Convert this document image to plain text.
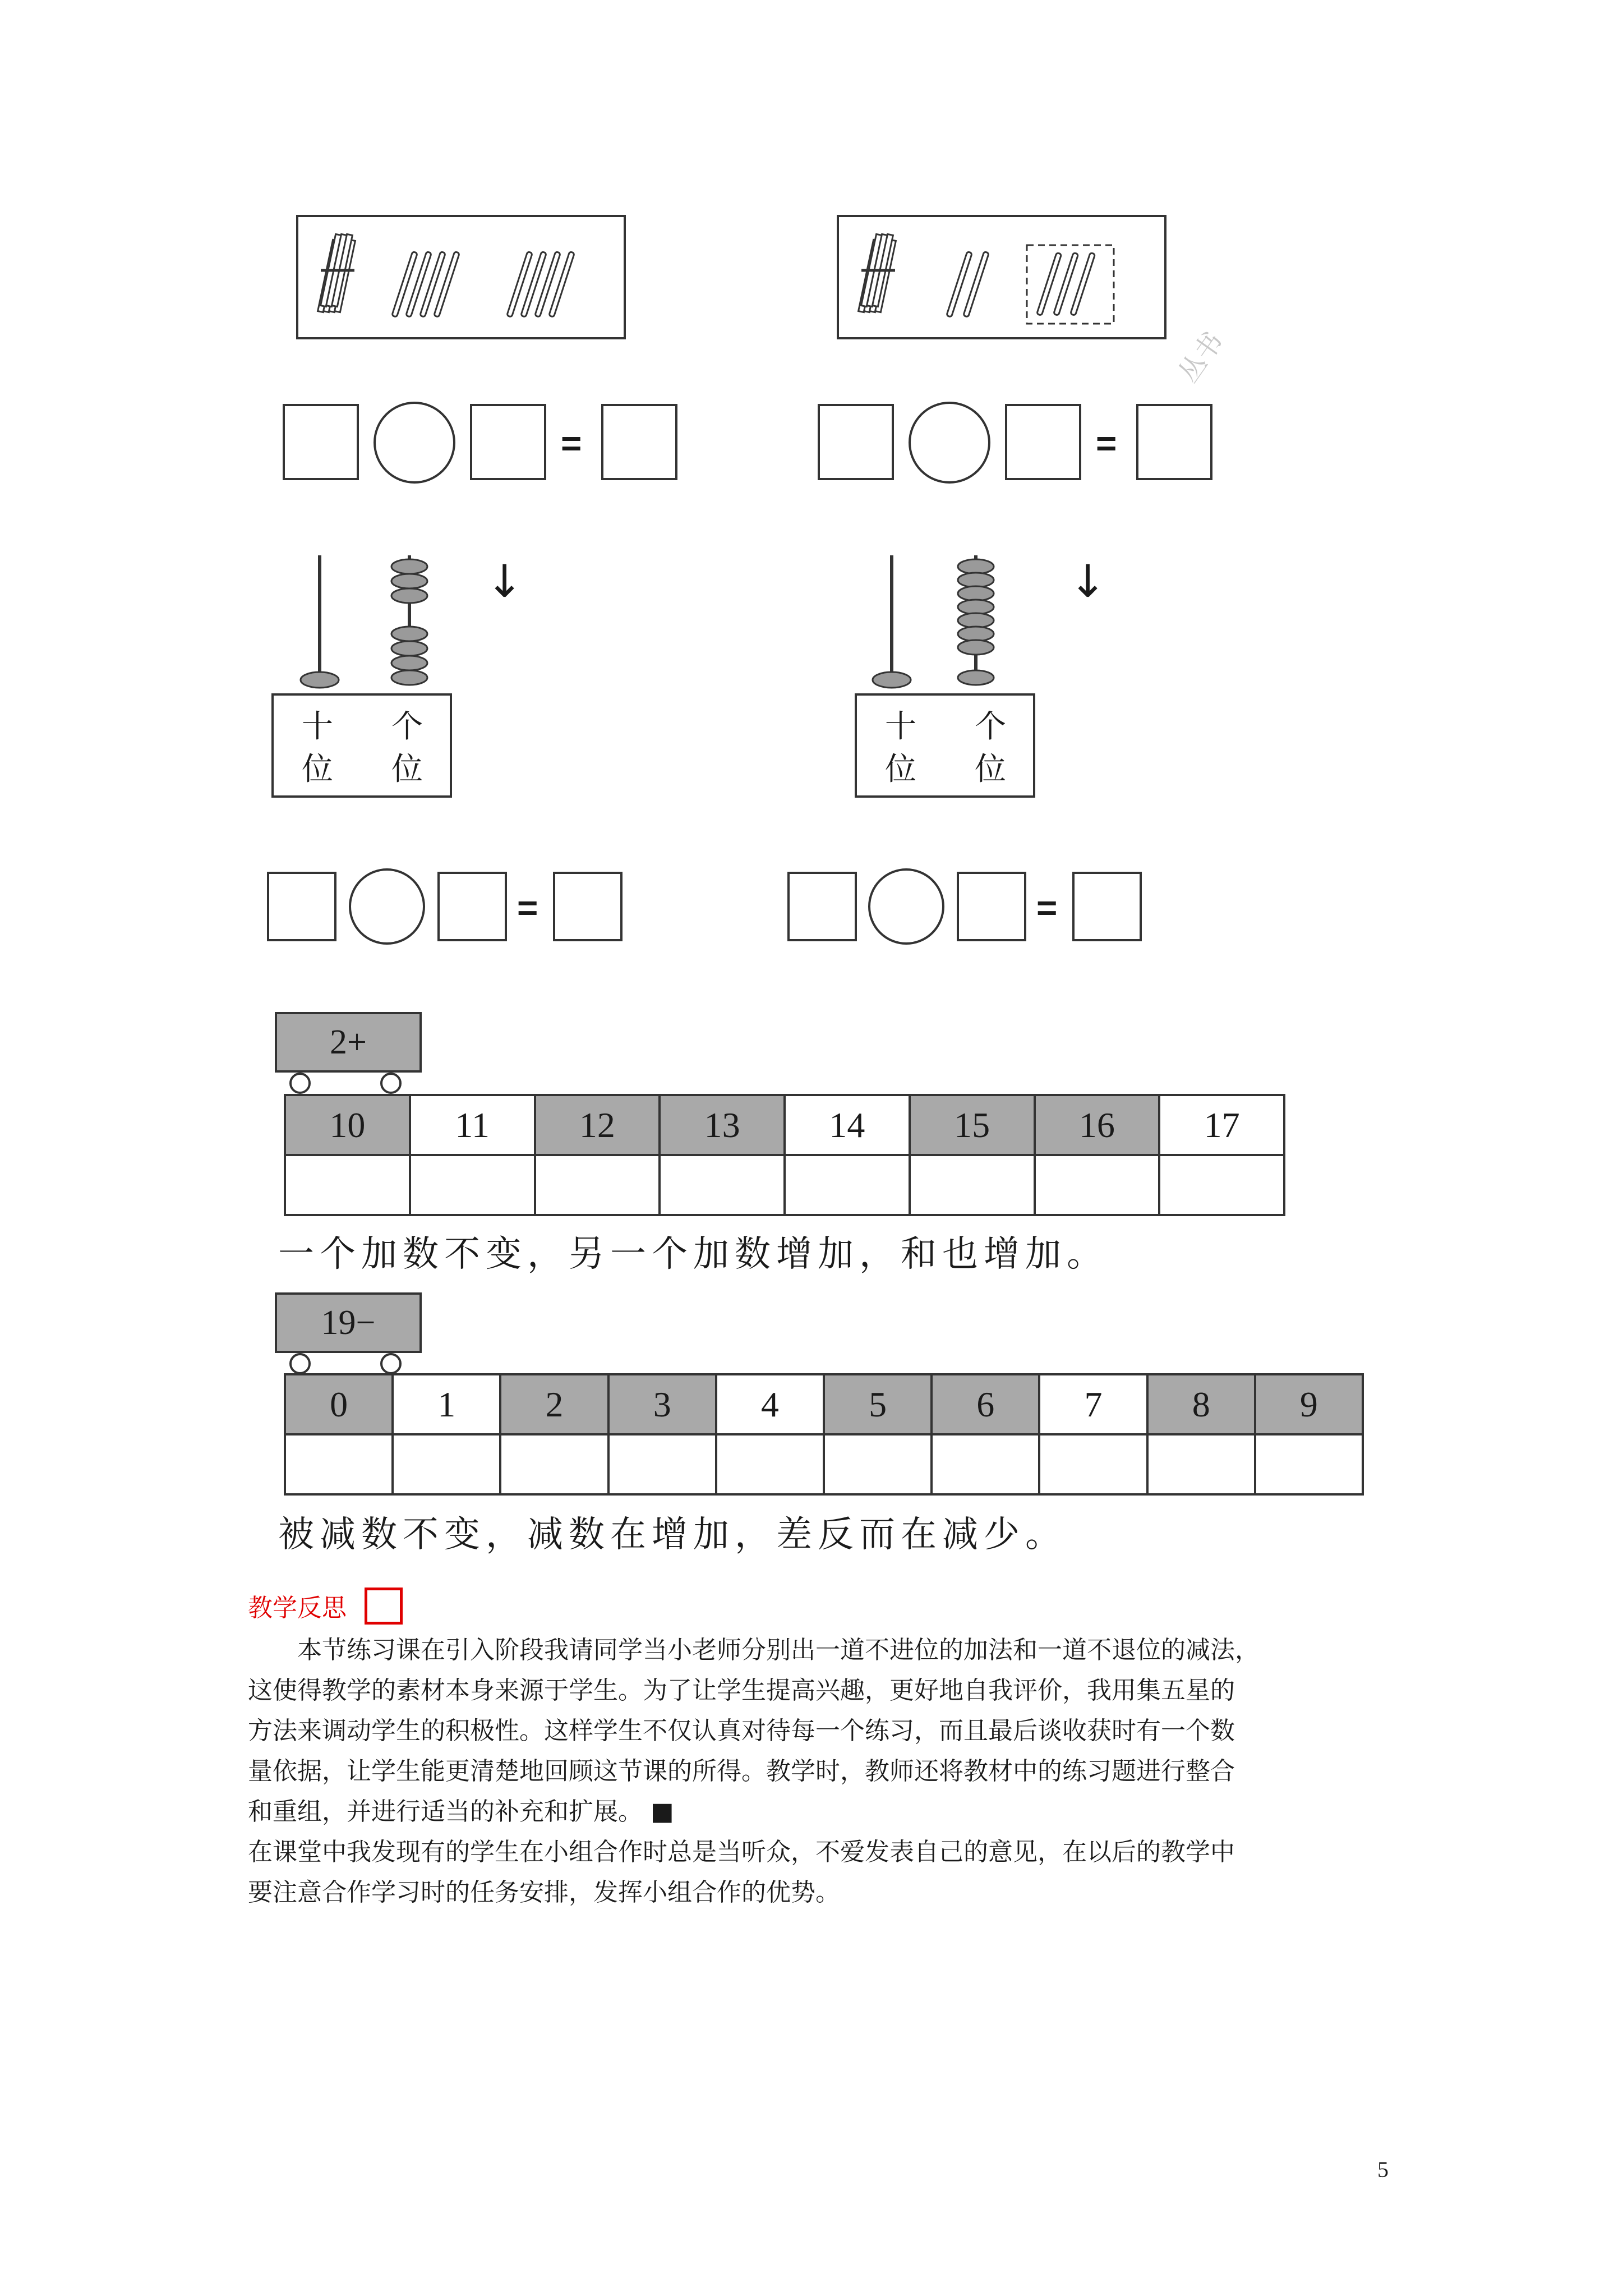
丛书
=	=
↓
十
位
个
位
↓
十
位
个
位
=	=
2+
10	11	12	13	14	15	16	17
一个加数不变，另一个加数增加，和也增加。
19−
0	1	2	3	4	5	6	7	8	9
被减数不变，减数在增加，差反而在减少。
教学反思
本节练习课在引入阶段我请同学当小老师分别出一道不进位的加法和一道不退位的减法，
这使得教学的素材本身来源于学生。为了让学生提高兴趣，更好地自我评价，我用集五星的
方法来调动学生的积极性。这样学生不仅认真对待每一个练习，而且最后谈收获时有一个数
量依据，让学生能更清楚地回顾这节课的所得。教学时，教师还将教材中的练习题进行整合
和重组，并进行适当的补充和扩展。 ■
在课堂中我发现有的学生在小组合作时总是当听众，不爱发表自己的意见，在以后的教学中
要注意合作学习时的任务安排，发挥小组合作的优势。
5
